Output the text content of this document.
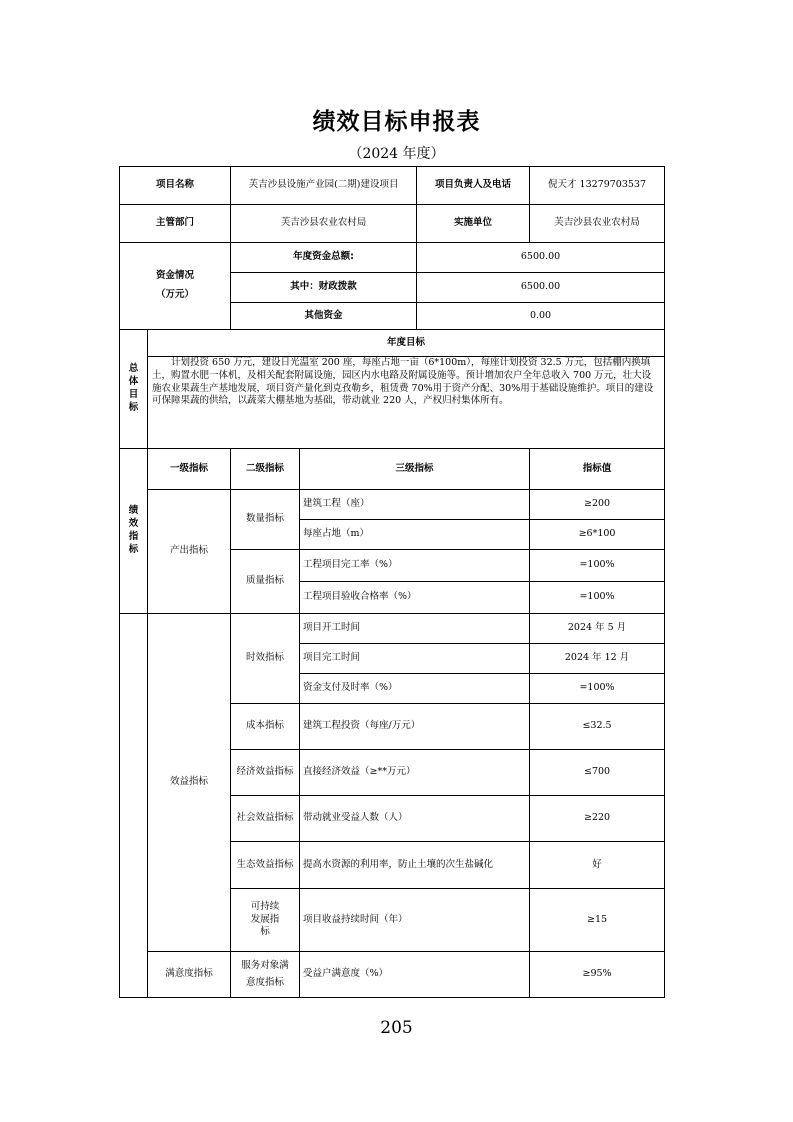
绩效目标申报表
（2024 年度）
项目名称		芙吉沙县设施产业园(二期)建设项目		项目负责人及电话	倪天才 13279703537
主管部门		芙吉沙县农业农村局		实施单位	芙吉沙县农业农村局

资金情况
（万元）		年度资金总额:		6500.00	
		其中：财政拨款		6500.00	
		其他资金		0.00	

总
体
目
标	年度目标				
	计划投资 650 万元，建设日光温室 200 座，每座占地一亩（6*100m），每座计划投资 32.5 万元，包括棚内换填土，购置水肥一体机，及相关配套附属设施，园区内水电路及附属设施等。预计增加农户全年总收入 700 万元，壮大设施农业果蔬生产基地发展，项目资产量化到克孜勒乡，租赁费 70%用于资产分配、30%用于基础设施维护。项目的建设可保障果蔬的供给，以蔬菜大棚基地为基础，带动就业 220 人，产权归村集体所有。				

绩
效
指
标	一级指标	二级指标	三级指标		指标值
	产出指标	数量指标	建筑工程（座）		≥200
			每座占地（m）		≥6*100
		质量指标	工程项目完工率（%）		=100%
			工程项目验收合格率（%）		=100%
	效益指标	时效指标	项目开工时间		2024 年 5 月
			项目完工时间		2024 年 12 月
			资金支付及时率（%）		=100%
		成本指标	建筑工程投资（每座/万元）		≤32.5
		经济效益指标	直接经济效益（≥**万元）		≤700
		社会效益指标	带动就业受益人数（人）		≥220
		生态效益指标	提高水资源的利用率，防止土壤的次生盐碱化		好
		可持续发展指标	项目收益持续时间（年）		≥15
	满意度指标	服务对象满意度指标	受益户满意度（%）		≥95%
205
